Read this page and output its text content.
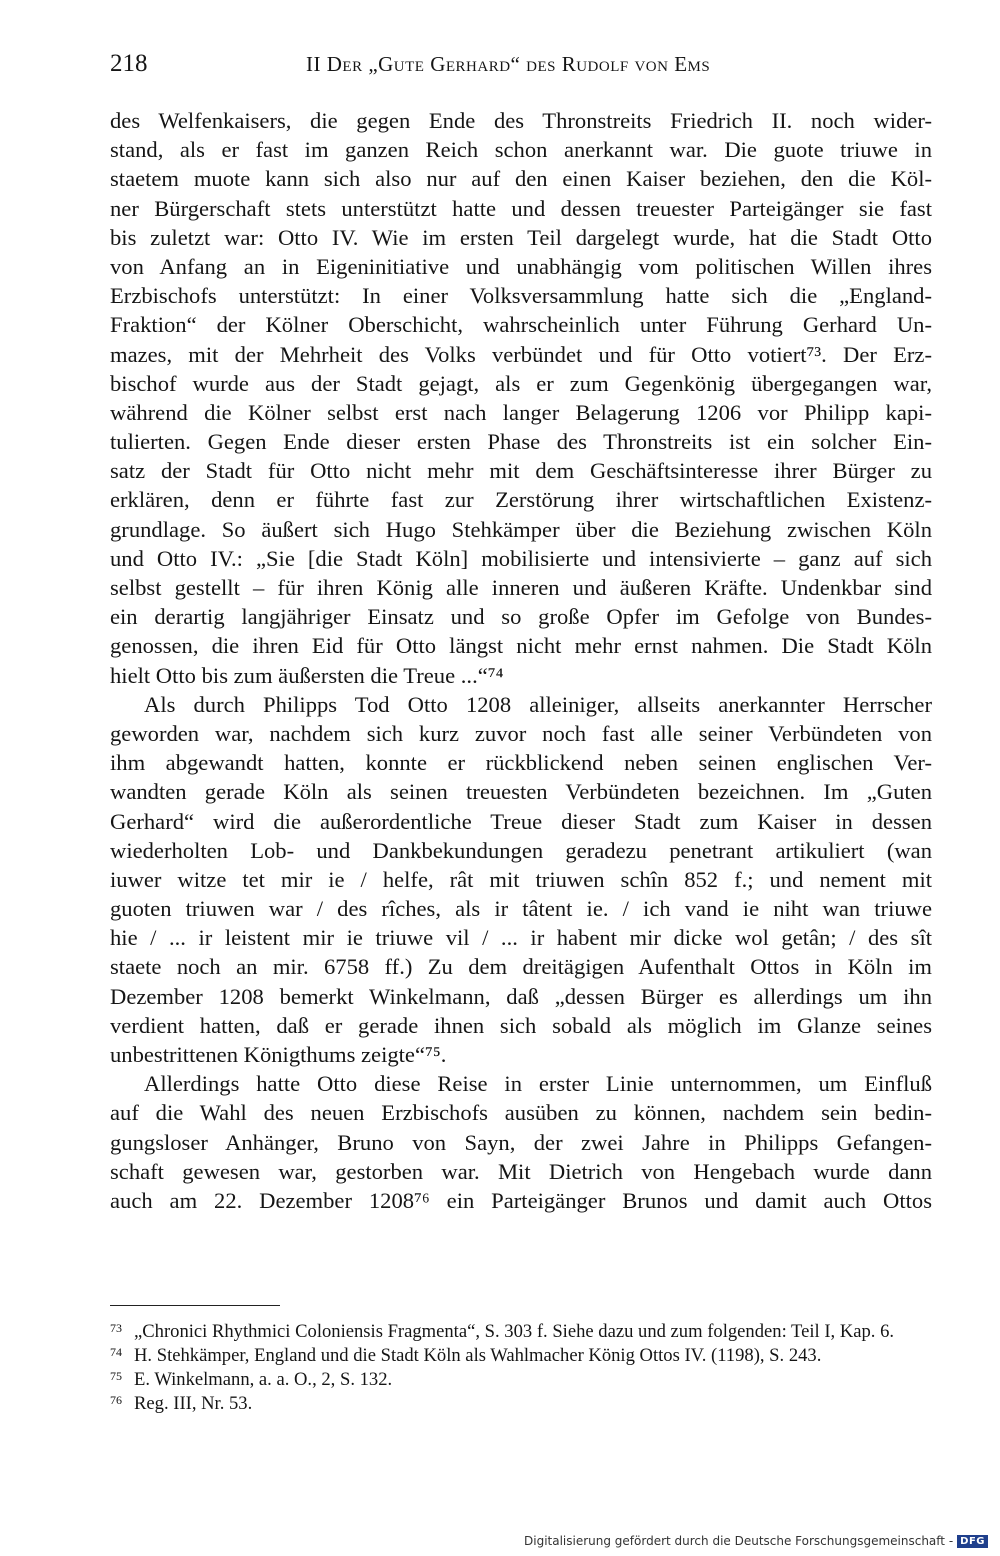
218	II Der „Gute Gerhard“ des Rudolf von Ems
des Welfenkaisers, die gegen Ende des Thronstreits Friedrich II. noch wider-
stand, als er fast im ganzen Reich schon anerkannt war. Die guote triuwe in
staetem muote kann sich also nur auf den einen Kaiser beziehen, den die Köl-
ner Bürgerschaft stets unterstützt hatte und dessen treuester Parteigänger sie fast
bis zuletzt war: Otto IV. Wie im ersten Teil dargelegt wurde, hat die Stadt Otto
von Anfang an in Eigeninitiative und unabhängig vom politischen Willen ihres
Erzbischofs unterstützt: In einer Volksversammlung hatte sich die „England-
Fraktion“ der Kölner Oberschicht, wahrscheinlich unter Führung Gerhard Un-
mazes, mit der Mehrheit des Volks verbündet und für Otto votiert⁷³. Der Erz-
bischof wurde aus der Stadt gejagt, als er zum Gegenkönig übergegangen war,
während die Kölner selbst erst nach langer Belagerung 1206 vor Philipp kapi-
tulierten. Gegen Ende dieser ersten Phase des Thronstreits ist ein solcher Ein-
satz der Stadt für Otto nicht mehr mit dem Geschäftsinteresse ihrer Bürger zu
erklären, denn er führte fast zur Zerstörung ihrer wirtschaftlichen Existenz-
grundlage. So äußert sich Hugo Stehkämper über die Beziehung zwischen Köln
und Otto IV.: „Sie [die Stadt Köln] mobilisierte und intensivierte – ganz auf sich
selbst gestellt – für ihren König alle inneren und äußeren Kräfte. Undenkbar sind
ein derartig langjähriger Einsatz und so große Opfer im Gefolge von Bundes-
genossen, die ihren Eid für Otto längst nicht mehr ernst nahmen. Die Stadt Köln
hielt Otto bis zum äußersten die Treue ...“⁷⁴
Als durch Philipps Tod Otto 1208 alleiniger, allseits anerkannter Herrscher
geworden war, nachdem sich kurz zuvor noch fast alle seiner Verbündeten von
ihm abgewandt hatten, konnte er rückblickend neben seinen englischen Ver-
wandten gerade Köln als seinen treuesten Verbündeten bezeichnen. Im „Guten
Gerhard“ wird die außerordentliche Treue dieser Stadt zum Kaiser in dessen
wiederholten Lob- und Dankbekundungen geradezu penetrant artikuliert (wan
iuwer witze tet mir ie / helfe, rât mit triuwen schîn 852 f.; und nement mit
guoten triuwen war / des rîches, als ir tâtent ie. / ich vand ie niht wan triuwe
hie / ... ir leistent mir ie triuwe vil / ... ir habent mir dicke wol getân; / des sît
staete noch an mir. 6758 ff.) Zu dem dreitägigen Aufenthalt Ottos in Köln im
Dezember 1208 bemerkt Winkelmann, daß „dessen Bürger es allerdings um ihn
verdient hatten, daß er gerade ihnen sich sobald als möglich im Glanze seines
unbestrittenen Königthums zeigte“⁷⁵.
Allerdings hatte Otto diese Reise in erster Linie unternommen, um Einfluß
auf die Wahl des neuen Erzbischofs ausüben zu können, nachdem sein bedin-
gungsloser Anhänger, Bruno von Sayn, der zwei Jahre in Philipps Gefangen-
schaft gewesen war, gestorben war. Mit Dietrich von Hengebach wurde dann
auch am 22. Dezember 1208⁷⁶ ein Parteigänger Brunos und damit auch Ottos
73 „Chronici Rhythmici Coloniensis Fragmenta“, S. 303 f. Siehe dazu und zum folgenden: Teil I, Kap. 6.
74 H. Stehkämper, England und die Stadt Köln als Wahlmacher König Ottos IV. (1198), S. 243.
75 E. Winkelmann, a. a. O., 2, S. 132.
76 Reg. III, Nr. 53.
Digitalisierung gefördert durch die Deutsche Forschungsgemeinschaft - DFG
